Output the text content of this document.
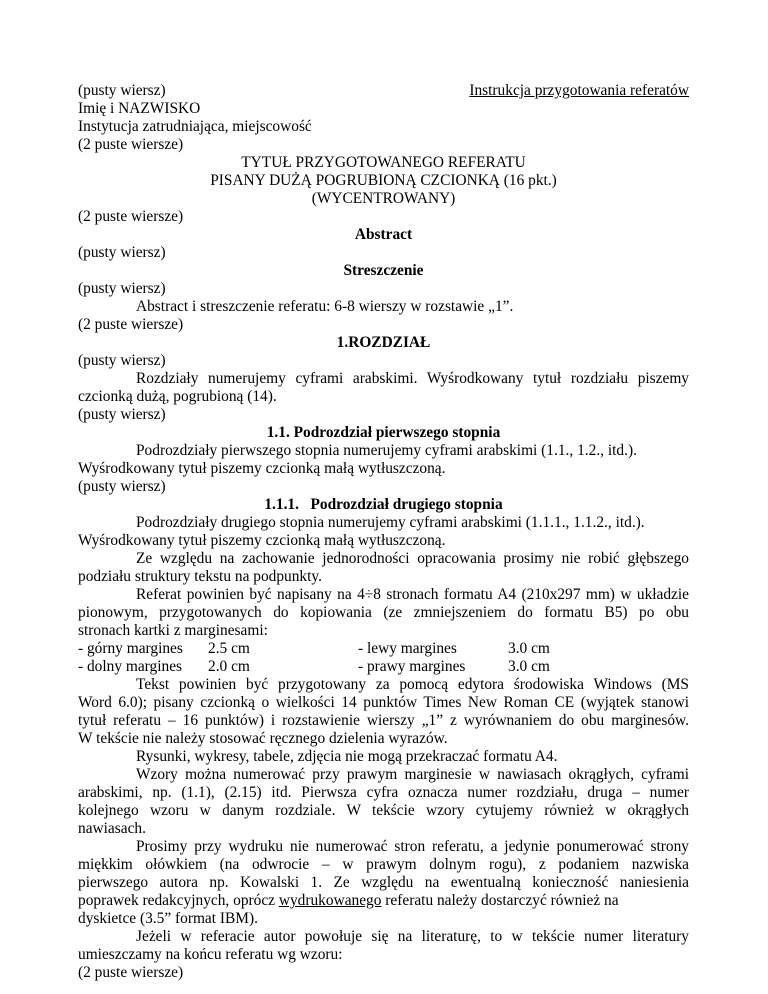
(pusty wiersz)	Instrukcja przygotowania referatów
Imię i NAZWISKO
Instytucja zatrudniająca, miejscowość
(2 puste wiersze)
TYTUŁ PRZYGOTOWANEGO REFERATU
PISANY DUŻĄ POGRUBIONĄ CZCIONKĄ (16 pkt.)
(WYCENTROWANY)
(2 puste wiersze)
Abstract
(pusty wiersz)
Streszczenie
(pusty wiersz)
Abstract i streszczenie referatu: 6-8 wierszy w rozstawie „1”.
(2 puste wiersze)
1.ROZDZIAŁ
(pusty wiersz)
Rozdziały numerujemy cyframi arabskimi. Wyśrodkowany tytuł rozdziału piszemy
czcionką dużą, pogrubioną (14).
(pusty wiersz)
1.1. Podrozdział pierwszego stopnia
Podrozdziały pierwszego stopnia numerujemy cyframi arabskimi (1.1., 1.2., itd.).
Wyśrodkowany tytuł piszemy czcionką małą wytłuszczoną.
(pusty wiersz)
1.1.1. Podrozdział drugiego stopnia
Podrozdziały drugiego stopnia numerujemy cyframi arabskimi (1.1.1., 1.1.2., itd.).
Wyśrodkowany tytuł piszemy czcionką małą wytłuszczoną.
Ze względu na zachowanie jednorodności opracowania prosimy nie robić głębszego
podziału struktury tekstu na podpunkty.
Referat powinien być napisany na 4÷8 stronach formatu A4 (210x297 mm) w układzie
pionowym, przygotowanych do kopiowania (ze zmniejszeniem do formatu B5) po obu
stronach kartki z marginesami:
- górny margines 2.5 cm	- lewy margines	3.0 cm
- dolny margines 2.0 cm	- prawy margines	3.0 cm
Tekst powinien być przygotowany za pomocą edytora środowiska Windows (MS
Word 6.0); pisany czcionką o wielkości 14 punktów Times New Roman CE (wyjątek stanowi
tytuł referatu – 16 punktów) i rozstawienie wierszy „1” z wyrównaniem do obu marginesów.
W tekście nie należy stosować ręcznego dzielenia wyrazów.
Rysunki, wykresy, tabele, zdjęcia nie mogą przekraczać formatu A4.
Wzory można numerować przy prawym marginesie w nawiasach okrągłych, cyframi
arabskimi, np. (1.1), (2.15) itd. Pierwsza cyfra oznacza numer rozdziału, druga – numer
kolejnego wzoru w danym rozdziale. W tekście wzory cytujemy również w okrągłych
nawiasach.
Prosimy przy wydruku nie numerować stron referatu, a jedynie ponumerować strony
miękkim ołówkiem (na odwrocie – w prawym dolnym rogu), z podaniem nazwiska
pierwszego autora np. Kowalski 1. Ze względu na ewentualną konieczność naniesienia
poprawek redakcyjnych, oprócz wydrukowanego referatu należy dostarczyć również na
dyskietce (3.5” format IBM).
Jeżeli w referacie autor powołuje się na literaturę, to w tekście numer literatury
umieszczamy na końcu referatu wg wzoru:
(2 puste wiersze)
